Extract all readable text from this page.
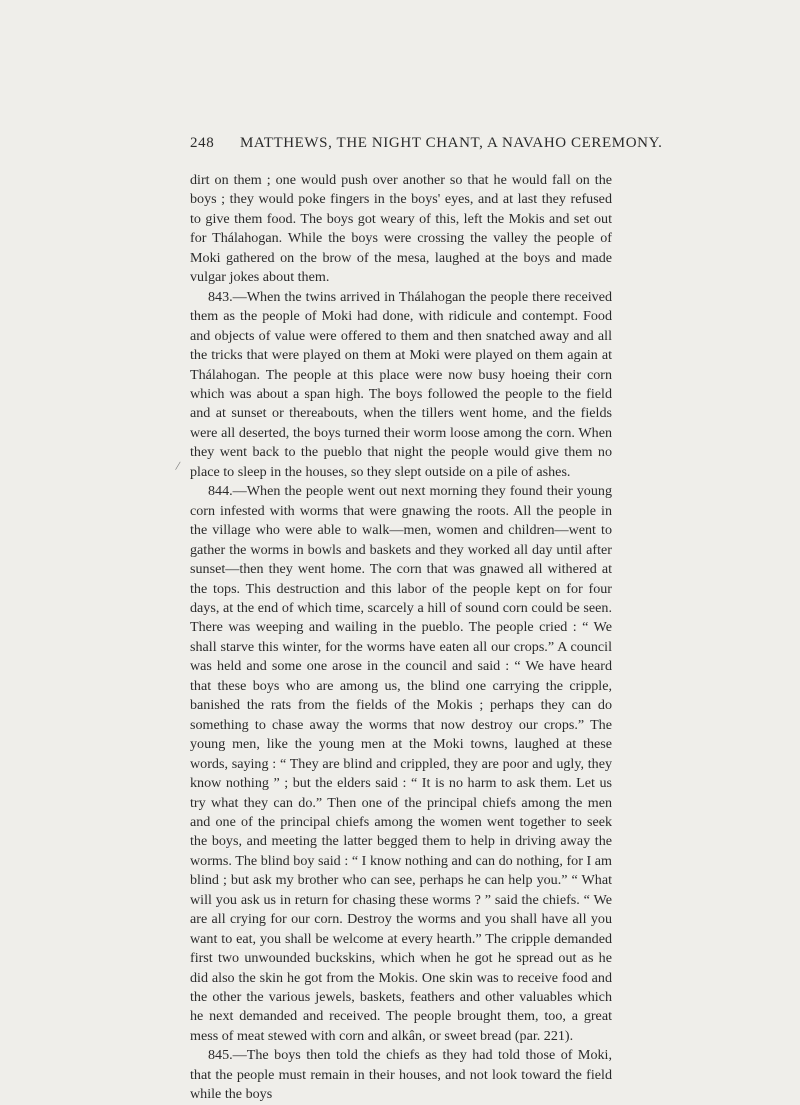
248 MATTHEWS, THE NIGHT CHANT, A NAVAHO CEREMONY.
/

dirt on them ; one would push over another so that he would fall on the boys ; they would poke fingers in the boys' eyes, and at last they refused to give them food. The boys got weary of this, left the Mokis and set out for Thálahogan. While the boys were crossing the valley the people of Moki gathered on the brow of the mesa, laughed at the boys and made vulgar jokes about them.

843.—When the twins arrived in Thálahogan the people there received them as the people of Moki had done, with ridicule and contempt. Food and objects of value were offered to them and then snatched away and all the tricks that were played on them at Moki were played on them again at Thálahogan. The people at this place were now busy hoeing their corn which was about a span high. The boys followed the people to the field and at sunset or thereabouts, when the tillers went home, and the fields were all deserted, the boys turned their worm loose among the corn. When they went back to the pueblo that night the people would give them no place to sleep in the houses, so they slept outside on a pile of ashes.

844.—When the people went out next morning they found their young corn infested with worms that were gnawing the roots. All the people in the village who were able to walk—men, women and children—went to gather the worms in bowls and baskets and they worked all day until after sunset—then they went home. The corn that was gnawed all withered at the tops. This destruction and this labor of the people kept on for four days, at the end of which time, scarcely a hill of sound corn could be seen. There was weeping and wailing in the pueblo. The people cried : “ We shall starve this winter, for the worms have eaten all our crops.” A council was held and some one arose in the council and said : “ We have heard that these boys who are among us, the blind one carrying the cripple, banished the rats from the fields of the Mokis ; perhaps they can do something to chase away the worms that now destroy our crops.” The young men, like the young men at the Moki towns, laughed at these words, saying : “ They are blind and crippled, they are poor and ugly, they know nothing ” ; but the elders said : “ It is no harm to ask them. Let us try what they can do.” Then one of the principal chiefs among the men and one of the principal chiefs among the women went together to seek the boys, and meeting the latter begged them to help in driving away the worms. The blind boy said : “ I know nothing and can do nothing, for I am blind ; but ask my brother who can see, perhaps he can help you.” “ What will you ask us in return for chasing these worms ? ” said the chiefs. “ We are all crying for our corn. Destroy the worms and you shall have all you want to eat, you shall be welcome at every hearth.” The cripple demanded first two unwounded buckskins, which when he got he spread out as he did also the skin he got from the Mokis. One skin was to receive food and the other the various jewels, baskets, feathers and other valuables which he next demanded and received. The people brought them, too, a great mess of meat stewed with corn and alkân, or sweet bread (par. 221).

845.—The boys then told the chiefs as they had told those of Moki, that the people must remain in their houses, and not look toward the field while the boys
